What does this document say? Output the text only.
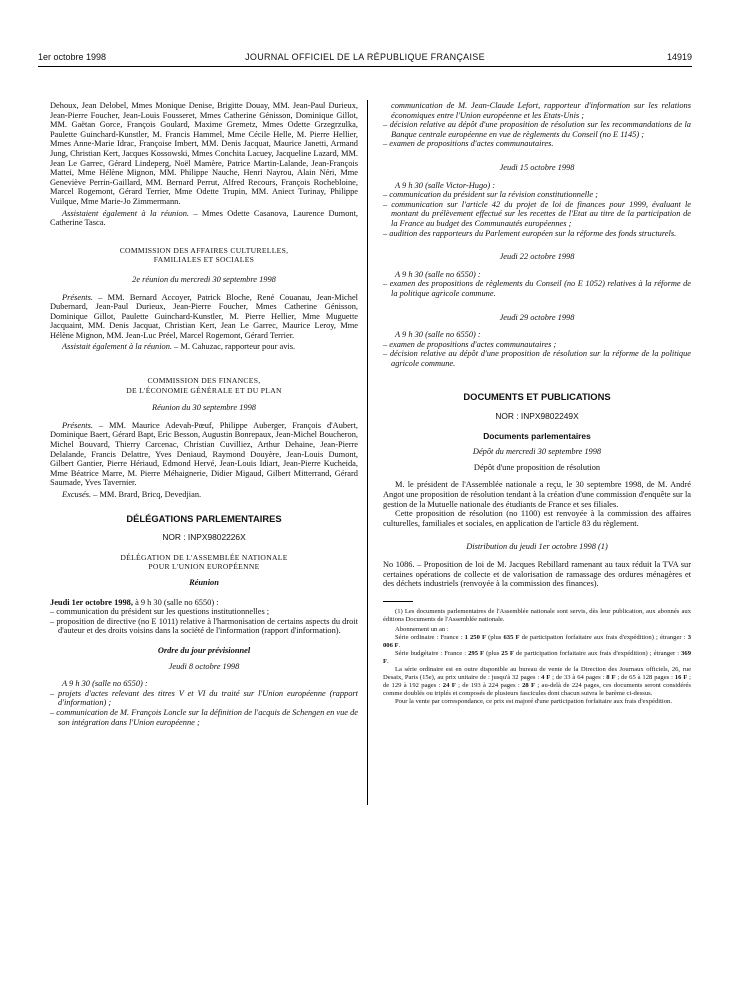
1er octobre 1998	JOURNAL OFFICIEL DE LA RÉPUBLIQUE FRANÇAISE	14919

Dehoux, Jean Delobel, Mmes Monique Denise, Brigitte Douay, MM. Jean-Paul Durieux, Jean-Pierre Foucher, Jean-Louis Fousseret, Mmes Catherine Génisson, Dominique Gillot, MM. Gaëtan Gorce, François Goulard, Maxime Gremetz, Mmes Odette Grzegrzulka, Paulette Guinchard-Kunstler, M. Francis Hammel, Mme Cécile Helle, M. Pierre Hellier, Mmes Anne-Marie Idrac, Françoise Imbert, MM. Denis Jacquat, Maurice Janetti, Armand Jung, Christian Kert, Jacques Kossowski, Mmes Conchita Lacuey, Jacqueline Lazard, MM. Jean Le Garrec, Gérard Lindeperg, Noël Mamère, Patrice Martin-Lalande, Jean-François Mattei, Mme Hélène Mignon, MM. Philippe Nauche, Henri Nayrou, Alain Néri, Mme Geneviève Perrin-Gaillard, MM. Bernard Perrut, Alfred Recours, François Rochebloine, Marcel Rogemont, Gérard Terrier, Mme Odette Trupin, MM. Aniect Turinay, Philippe Vuilque, Mme Marie-Jo Zimmermann.

Assistaient également à la réunion. – Mmes Odette Casanova, Laurence Dumont, Catherine Tasca.

COMMISSION DES AFFAIRES CULTURELLES,

FAMILIALES ET SOCIALES

2e réunion du mercredi 30 septembre 1998

Présents. – MM. Bernard Accoyer, Patrick Bloche, René Couanau, Jean-Michel Dubernard, Jean-Paul Durieux, Jean-Pierre Foucher, Mmes Catherine Génisson, Dominique Gillot, Paulette Guinchard-Kunstler, M. Pierre Hellier, Mme Muguette Jacquaint, MM. Denis Jacquat, Christian Kert, Jean Le Garrec, Maurice Leroy, Mme Hélène Mignon, MM. Jean-Luc Préel, Marcel Rogemont, Gérard Terrier.

Assistait également à la réunion. – M. Cahuzac, rapporteur pour avis.

COMMISSION DES FINANCES,

DE L'ÉCONOMIE GÉNÉRALE ET DU PLAN

Réunion du 30 septembre 1998

Présents. – MM. Maurice Adevah-Pœuf, Philippe Auberger, François d'Aubert, Dominique Baert, Gérard Bapt, Eric Besson, Augustin Bonrepaux, Jean-Michel Boucheron, Michel Bouvard, Thierry Carcenac, Christian Cuvilliez, Arthur Dehaine, Jean-Pierre Delalande, Francis Delattre, Yves Deniaud, Raymond Douyère, Jean-Louis Dumont, Gilbert Gantier, Pierre Hériaud, Edmond Hervé, Jean-Louis Idiart, Jean-Pierre Kucheida, Mme Béatrice Marre, M. Pierre Méhaignerie, Didier Migaud, Gilbert Mitterrand, Gérard Saumade, Yves Tavernier.

Excusés. – MM. Brard, Bricq, Devedjian.

DÉLÉGATIONS PARLEMENTAIRES

NOR : INPX9802226X

DÉLÉGATION DE L'ASSEMBLÉE NATIONALE

POUR L'UNION EUROPÉENNE

Réunion

Jeudi 1er octobre 1998, à 9 h 30 (salle no 6550) :

– communication du président sur les questions institutionnelles ;

– proposition de directive (no E 1011) relative à l'harmonisation de certains aspects du droit d'auteur et des droits voisins dans la société de l'information (rapport d'information).

Ordre du jour prévisionnel

Jeudi 8 octobre 1998

A 9 h 30 (salle no 6550) :

– projets d'actes relevant des titres V et VI du traité sur l'Union européenne (rapport d'information) ;

– communication de M. François Loncle sur la définition de l'acquis de Schengen en vue de son intégration dans l'Union européenne ;

communication de M. Jean-Claude Lefort, rapporteur d'information sur les relations économiques entre l'Union européenne et les Etats-Unis ;

– décision relative au dépôt d'une proposition de résolution sur les recommandations de la Banque centrale européenne en vue de règlements du Conseil (no E 1145) ;

– examen de propositions d'actes communautaires.

Jeudi 15 octobre 1998

A 9 h 30 (salle Victor-Hugo) :

– communication du président sur la révision constitutionnelle ;

– communication sur l'article 42 du projet de loi de finances pour 1999, évaluant le montant du prélèvement effectué sur les recettes de l'Etat au titre de la participation de la France au budget des Communautés européennes ;

– audition des rapporteurs du Parlement européen sur la réforme des fonds structurels.

Jeudi 22 octobre 1998

A 9 h 30 (salle no 6550) :

– examen des propositions de règlements du Conseil (no E 1052) relatives à la réforme de la politique agricole commune.

Jeudi 29 octobre 1998

A 9 h 30 (salle no 6550) :

– examen de propositions d'actes communautaires ;

– décision relative au dépôt d'une proposition de résolution sur la réforme de la politique agricole commune.

DOCUMENTS ET PUBLICATIONS

NOR : INPX9802249X

Documents parlementaires

Dépôt du mercredi 30 septembre 1998

Dépôt d'une proposition de résolution

M. le président de l'Assemblée nationale a reçu, le 30 septembre 1998, de M. André Angot une proposition de résolution tendant à la création d'une commission d'enquête sur la gestion de la Mutuelle nationale des étudiants de France et ses filiales.

Cette proposition de résolution (no 1100) est renvoyée à la commission des affaires culturelles, familiales et sociales, en application de l'article 83 du règlement.

Distribution du jeudi 1er octobre 1998 (1)

No 1086. – Proposition de loi de M. Jacques Rebillard ramenant au taux réduit la TVA sur certaines opérations de collecte et de valorisation de ramassage des ordures ménagères et des déchets industriels (renvoyée à la commission des finances).

(1) Les documents parlementaires de l'Assemblée nationale sont servis, dès leur publication, aux abonnés aux éditions Documents de l'Assemblée nationale.

Abonnement un an :

Série ordinaire : France : 1 250 F (plus 635 F de participation forfaitaire aux frais d'expédition) ; étranger : 3 006 F.

Série budgétaire : France : 295 F (plus 25 F de participation forfaitaire aux frais d'expédition) ; étranger : 369 F.

La série ordinaire est en outre disponible au bureau de vente de la Direction des Journaux officiels, 26, rue Desaix, Paris (15e), au prix unitaire de : jusqu'à 32 pages : 4 F ; de 33 à 64 pages : 8 F ; de 65 à 128 pages : 16 F ; de 129 à 192 pages : 24 F ; de 193 à 224 pages : 28 F ; au-delà de 224 pages, ces documents seront considérés comme doublés ou triplés et composés de plusieurs fascicules dont chacun suivra le barème ci-dessus.

Pour la vente par correspondance, ce prix est majoré d'une participation forfaitaire aux frais d'expédition.
